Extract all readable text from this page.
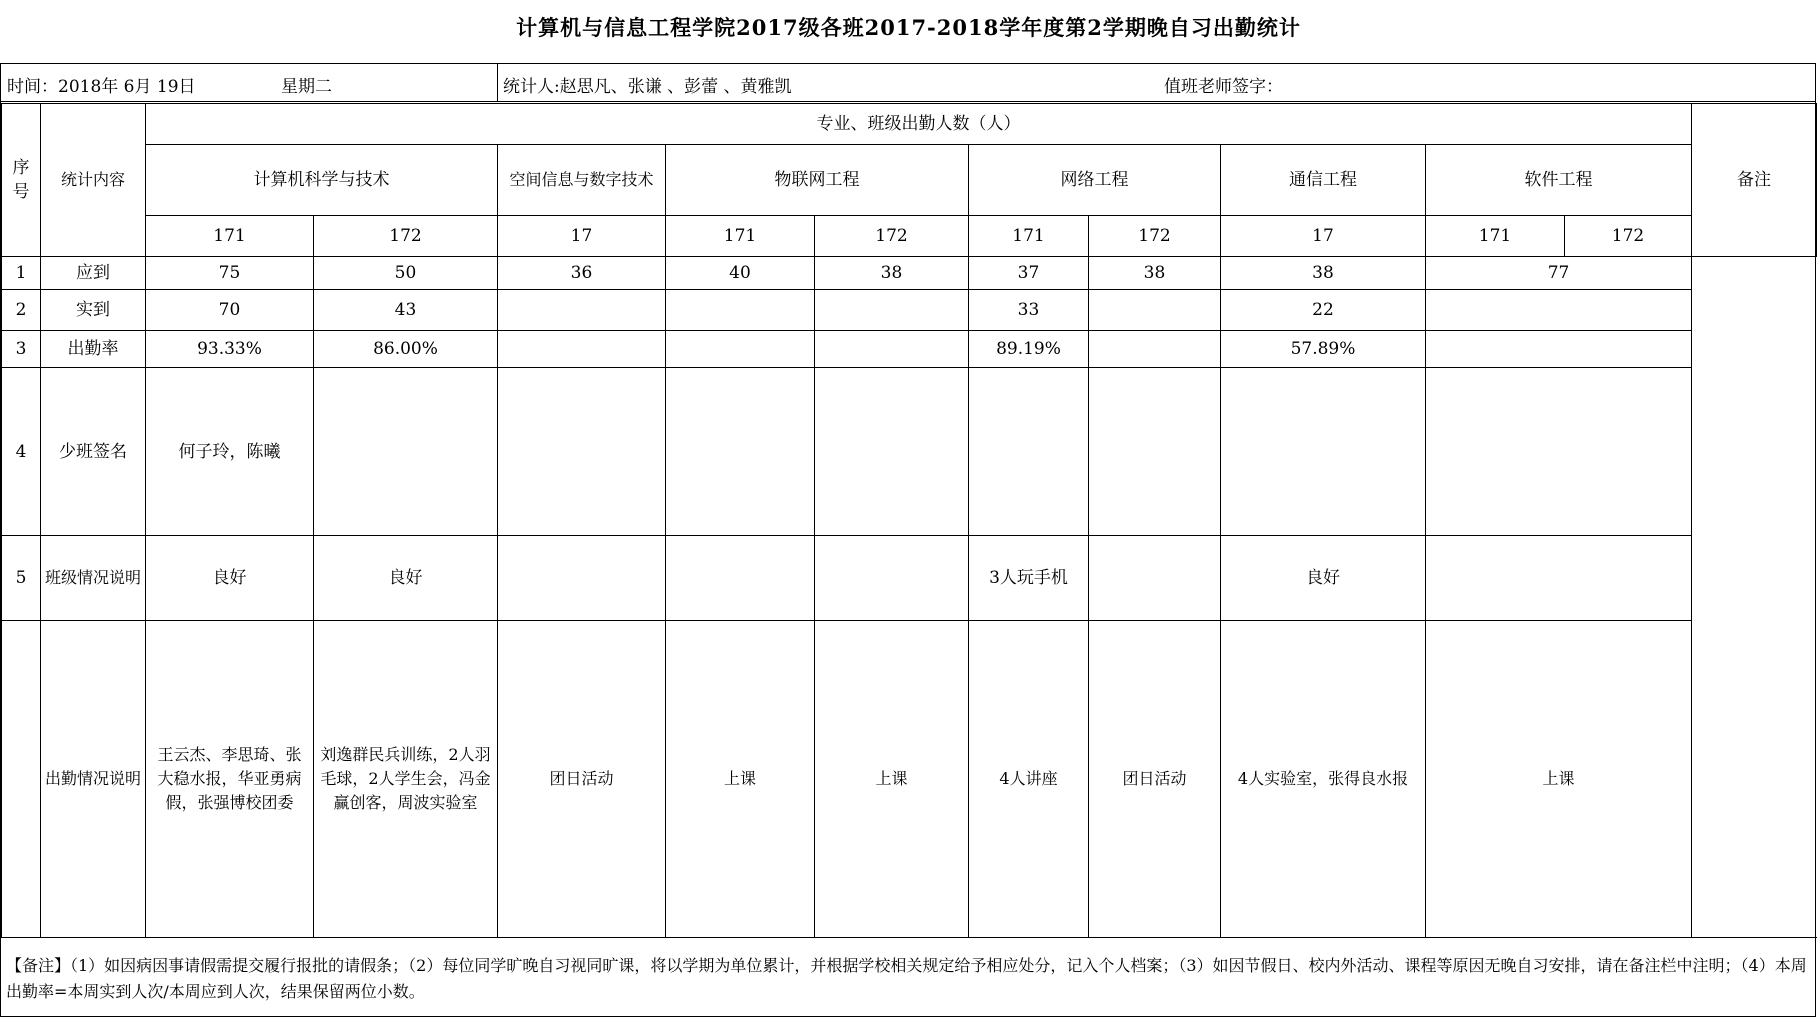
计算机与信息工程学院2017级各班2017-2018学年度第2学期晚自习出勤统计
时间：2018年 6月 19日	星期二	统计人:赵思凡、张谦 、彭蕾 、黄雅凯	值班老师签字：
序号	统计内容	专业、班级出勤人数（人）										备注
		计算机科学与技术		空间信息与数字技术	物联网工程		网络工程		通信工程	软件工程		
		171	172	17	171	172	171	172	17	171	172	
1	应到	75	50	36	40	38	37	38	38	77		
2	实到	70	43				33		22			
3	出勤率	93.33%	86.00%				89.19%		57.89%			
4	少班签名	何子玲，陈曦										
5	班级情况说明	良好	良好				3人玩手机		良好			
	出勤情况说明	王云杰、李思琦、张大稳水报，华亚勇病假，张强博校团委	刘逸群民兵训练，2人羽毛球，2人学生会，冯金赢创客，周波实验室	团日活动	上课	上课	4人讲座	团日活动	4人实验室，张得良水报	上课		
【备注】（1）如因病因事请假需提交履行报批的请假条；（2）每位同学旷晚自习视同旷课，将以学期为单位累计，并根据学校相关规定给予相应处分，记入个人档案；（3）如因节假日、校内外活动、课程等原因无晚自习安排，请在备注栏中注明；（4）本周出勤率=本周实到人次/本周应到人次，结果保留两位小数。
